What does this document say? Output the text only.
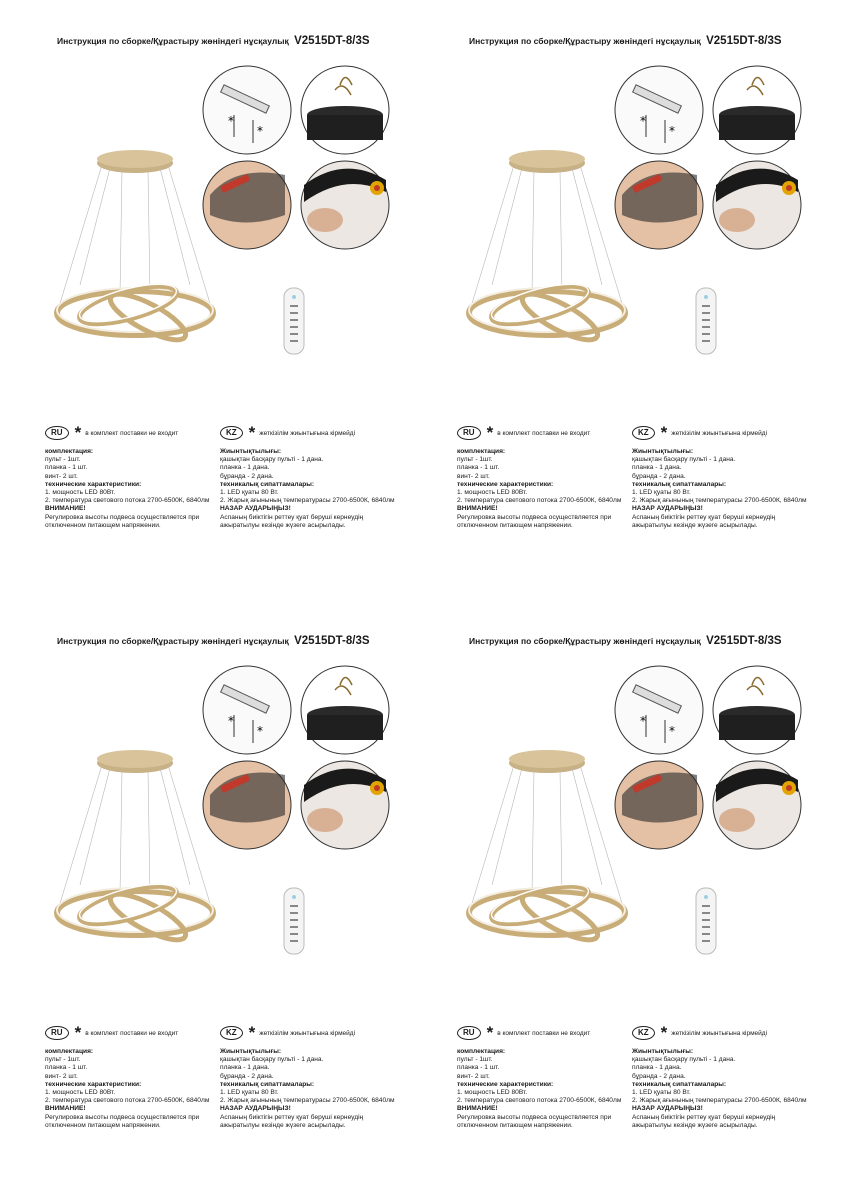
Инструкция по сборке/Құрастыру жөніндегі нұсқаулық V2515DT-8/3S
*
*
RU * в комплект поставки не входит	KZ * жеткізілім жиынтығына кірмейді
комплектация:
пульт - 1шт.
планка - 1 шт.
винт- 2 шт.
технические характеристики:
1. мощность LED 80Вт.
2. температура светового потока 2700-6500К, 6840лм
ВНИМАНИЕ!
Регулировка высоты подвеса осуществляется при отключенном питающем напряжении.
Жиынтықтылығы:
қашықтан басқару пульті - 1 дана.
планка - 1 дана.
бұранда - 2 дана.
техникалық сипаттамалары:
1. LED қуаты 80 Вт.
2. Жарық ағынының температурасы 2700-6500К, 6840лм
НАЗАР АУДАРЫҢЫЗ!
Аспаның биіктігін реттеу қуат беруші кернеудің ажыратылуы кезінде жүзеге асырылады.
Инструкция по сборке/Құрастыру жөніндегі нұсқаулық V2515DT-8/3S
*
*
RU * в комплект поставки не входит	KZ * жеткізілім жиынтығына кірмейді
комплектация:
пульт - 1шт.
планка - 1 шт.
винт- 2 шт.
технические характеристики:
1. мощность LED 80Вт.
2. температура светового потока 2700-6500К, 6840лм
ВНИМАНИЕ!
Регулировка высоты подвеса осуществляется при отключенном питающем напряжении.
Жиынтықтылығы:
қашықтан басқару пульті - 1 дана.
планка - 1 дана.
бұранда - 2 дана.
техникалық сипаттамалары:
1. LED қуаты 80 Вт.
2. Жарық ағынының температурасы 2700-6500К, 6840лм
НАЗАР АУДАРЫҢЫЗ!
Аспаның биіктігін реттеу қуат беруші кернеудің ажыратылуы кезінде жүзеге асырылады.
Инструкция по сборке/Құрастыру жөніндегі нұсқаулық V2515DT-8/3S
*
*
RU * в комплект поставки не входит	KZ * жеткізілім жиынтығына кірмейді
комплектация:
пульт - 1шт.
планка - 1 шт.
винт- 2 шт.
технические характеристики:
1. мощность LED 80Вт.
2. температура светового потока 2700-6500К, 6840лм
ВНИМАНИЕ!
Регулировка высоты подвеса осуществляется при отключенном питающем напряжении.
Жиынтықтылығы:
қашықтан басқару пульті - 1 дана.
планка - 1 дана.
бұранда - 2 дана.
техникалық сипаттамалары:
1. LED қуаты 80 Вт.
2. Жарық ағынының температурасы 2700-6500К, 6840лм
НАЗАР АУДАРЫҢЫЗ!
Аспаның биіктігін реттеу қуат беруші кернеудің ажыратылуы кезінде жүзеге асырылады.
Инструкция по сборке/Құрастыру жөніндегі нұсқаулық V2515DT-8/3S
*
*
RU * в комплект поставки не входит	KZ * жеткізілім жиынтығына кірмейді
комплектация:
пульт - 1шт.
планка - 1 шт.
винт- 2 шт.
технические характеристики:
1. мощность LED 80Вт.
2. температура светового потока 2700-6500К, 6840лм
ВНИМАНИЕ!
Регулировка высоты подвеса осуществляется при отключенном питающем напряжении.
Жиынтықтылығы:
қашықтан басқару пульті - 1 дана.
планка - 1 дана.
бұранда - 2 дана.
техникалық сипаттамалары:
1. LED қуаты 80 Вт.
2. Жарық ағынының температурасы 2700-6500К, 6840лм
НАЗАР АУДАРЫҢЫЗ!
Аспаның биіктігін реттеу қуат беруші кернеудің ажыратылуы кезінде жүзеге асырылады.
